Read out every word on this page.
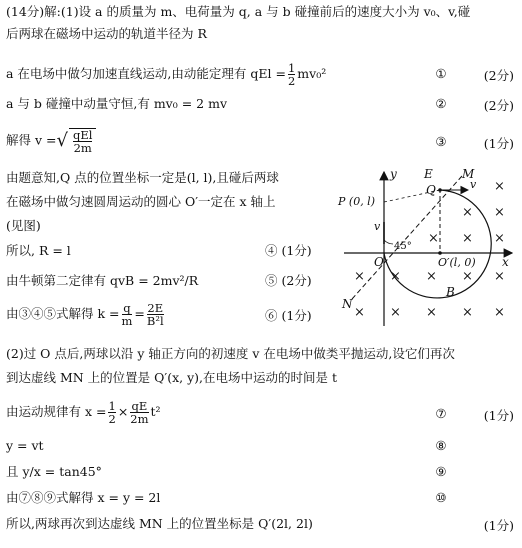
(14分)解:(1)设 a 的质量为 m、电荷量为 q, a 与 b 碰撞前后的速度大小为 v₀、v,碰
后两球在磁场中运动的轨道半径为 R
a 在电场中做匀加速直线运动,由动能定理有 qEl = $\frac{1}{2} mv_0^2$	①	(2分)
a 与 b 碰撞中动量守恒,有 mv₀ = 2 mv	②	(2分)
解得 v =√ $\frac{\text{qEl}}{2m}$	③	(1分)
由题意知,Q 点的位置坐标一定是(l, l),且碰后两球
在磁场中做匀速圆周运动的圆心 O′一定在 x 轴上
(见图)
所以, R = l	④ (1分)
由牛顿第二定律有 qvB = 2mv²/R	⑤ (2分)
由③④⑤式解得 $k = \frac{q}{m} = \frac{2E}{\text{B²l}}$	⑥ (1分)
(2)过 O 点后,两球以沿 y 轴正方向的初速度 v 在电场中做类平抛运动,设它们再次
到达虚线 MN 上的位置是 Q′(x, y),在电场中运动的时间是 t
由运动规律有 $x = \frac{1}{2} \times \frac{qE}{2m} t^2$	⑦	(1分)
y = vt	⑧
且 y/x = tan45°	⑨
由⑦⑧⑨式解得 x = y = 2l	⑩
所以,两球再次到达虚线 MN 上的位置坐标是 Q′(2l, 2l)	(1分)
y E M
Q	v
P (0, l)
v
45°
O	O′(l, 0) x
B
N
× × ×
× ×
×
× × × × ×
× × × × ×
